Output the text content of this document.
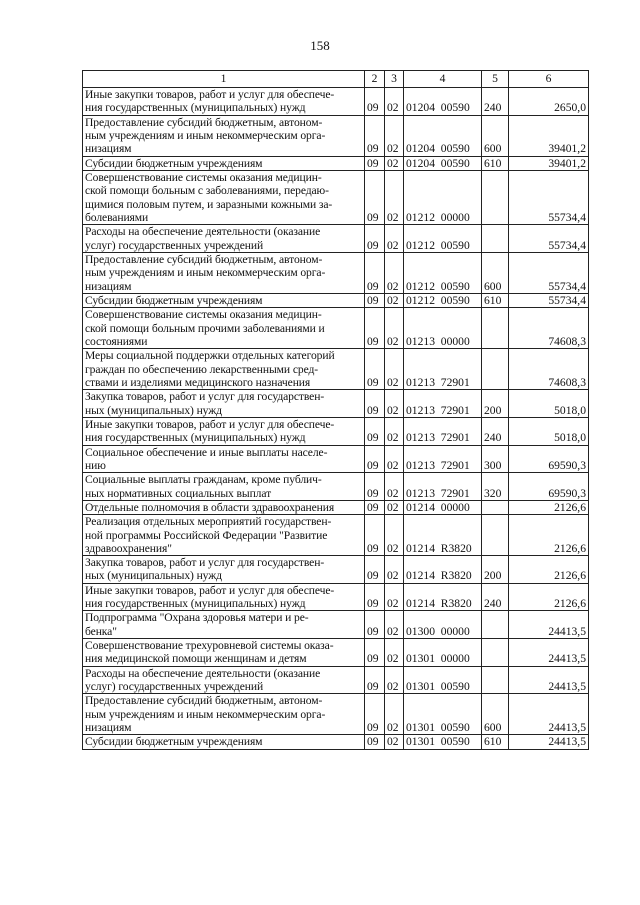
158
1	2	3	4	5	6
Иные закупки товаров, работ и услуг для обеспече-
ния государственных (муниципальных) нужд	09	02	01204  00590	240	2650,0
Предоставление субсидий бюджетным, автоном-
ным учреждениям и иным некоммерческим орга-
низациям	09	02	01204  00590	600	39401,2
Субсидии бюджетным учреждениям	09	02	01204  00590	610	39401,2
Совершенствование системы оказания медицин-
ской помощи больным с заболеваниями, передаю-
щимися половым путем, и заразными кожными за-
болеваниями	09	02	01212  00000		55734,4
Расходы на обеспечение деятельности (оказание
услуг) государственных учреждений	09	02	01212  00590		55734,4
Предоставление субсидий бюджетным, автоном-
ным учреждениям и иным некоммерческим орга-
низациям	09	02	01212  00590	600	55734,4
Субсидии бюджетным учреждениям	09	02	01212  00590	610	55734,4
Совершенствование системы оказания медицин-
ской помощи больным прочими заболеваниями и
состояниями	09	02	01213  00000		74608,3
Меры социальной поддержки отдельных категорий
граждан по обеспечению лекарственными сред-
ствами и изделиями медицинского назначения	09	02	01213  72901		74608,3
Закупка товаров, работ и услуг для государствен-
ных (муниципальных) нужд	09	02	01213  72901	200	5018,0
Иные закупки товаров, работ и услуг для обеспече-
ния государственных (муниципальных) нужд	09	02	01213  72901	240	5018,0
Социальное обеспечение и иные выплаты населе-
нию	09	02	01213  72901	300	69590,3
Социальные выплаты гражданам, кроме публич-
ных нормативных социальных выплат	09	02	01213  72901	320	69590,3
Отдельные полномочия в области здравоохранения	09	02	01214  00000		2126,6
Реализация отдельных мероприятий государствен-
ной программы Российской Федерации "Развитие
здравоохранения"	09	02	01214  R3820		2126,6
Закупка товаров, работ и услуг для государствен-
ных (муниципальных) нужд	09	02	01214  R3820	200	2126,6
Иные закупки товаров, работ и услуг для обеспече-
ния государственных (муниципальных) нужд	09	02	01214  R3820	240	2126,6
Подпрограмма "Охрана здоровья матери и ре-
бенка"	09	02	01300  00000		24413,5
Совершенствование трехуровневой системы оказа-
ния медицинской помощи женщинам и детям	09	02	01301  00000		24413,5
Расходы на обеспечение деятельности (оказание
услуг) государственных учреждений	09	02	01301  00590		24413,5
Предоставление субсидий бюджетным, автоном-
ным учреждениям и иным некоммерческим орга-
низациям	09	02	01301  00590	600	24413,5
Субсидии бюджетным учреждениям	09	02	01301  00590	610	24413,5
